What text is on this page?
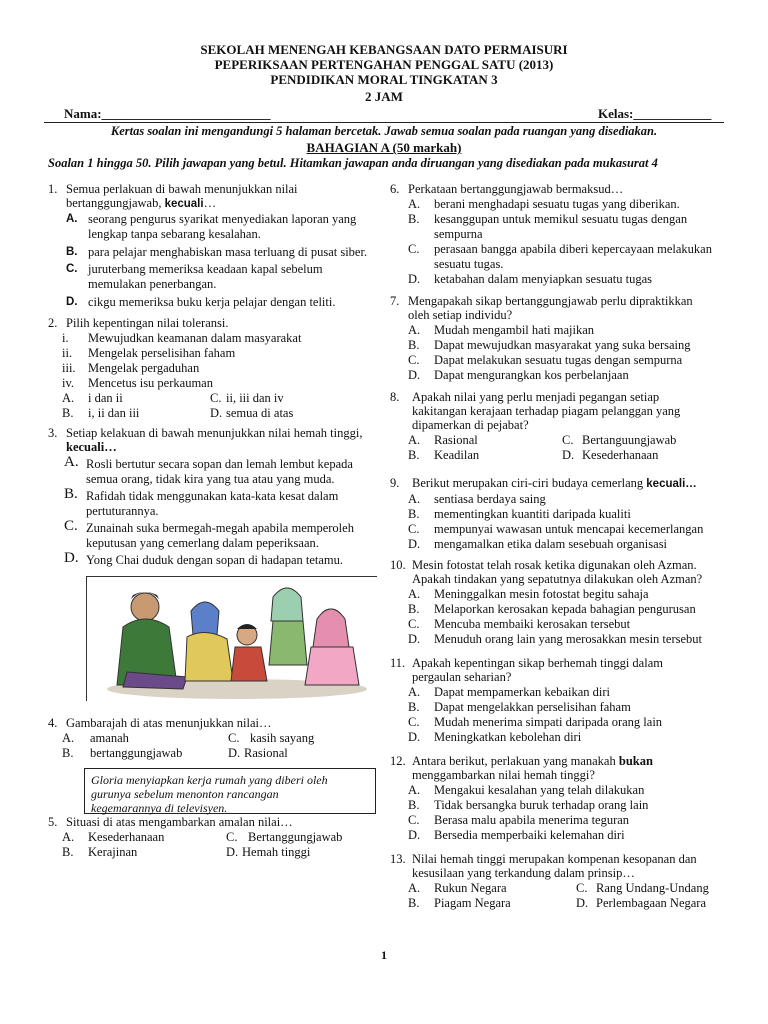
SEKOLAH MENENGAH KEBANGSAAN DATO PERMAISURI
PEPERIKSAAN PERTENGAHAN PENGGAL SATU (2013)
PENDIDIKAN MORAL TINGKATAN 3
2 JAM
Nama:__________________________	Kelas:____________
Kertas soalan ini mengandungi 5 halaman bercetak. Jawab semua soalan pada ruangan yang disediakan.
BAHAGIAN A (50 markah)
Soalan 1 hingga 50. Pilih jawapan yang betul. Hitamkan jawapan anda diruangan yang disediakan pada mukasurat 4
1. Semua perlakuan di bawah menunjukkan nilai
bertanggungjawab, kecuali…
A. seorang pengurus syarikat menyediakan laporan yang
lengkap tanpa sebarang kesalahan.
B. para pelajar menghabiskan masa terluang di pusat siber.
C. juruterbang memeriksa keadaan kapal sebelum
memulakan penerbangan.
D. cikgu memeriksa buku kerja pelajar dengan teliti.
2. Pilih kepentingan nilai toleransi.
i. Mewujudkan keamanan dalam masyarakat
ii. Mengelak perselisihan faham
iii. Mengelak pergaduhan
iv. Mencetus isu perkauman
A. i dan ii	C. ii, iii dan iv
B. i, ii dan iii	D. semua di atas
3. Setiap kelakuan di bawah menunjukkan nilai hemah tinggi,
kecuali…
A. Rosli bertutur secara sopan dan lemah lembut kepada
semua orang, tidak kira yang tua atau yang muda.
B. Rafidah tidak menggunakan kata-kata kesat dalam
pertuturannya.
C. Zunainah suka bermegah-megah apabila memperoleh
keputusan yang cemerlang dalam peperiksaan.
D. Yong Chai duduk dengan sopan di hadapan tetamu.
4. Gambarajah di atas menunjukkan nilai…
A. amanah	C. kasih sayang
B. bertanggungjawab	D. Rasional
Gloria menyiapkan kerja rumah yang diberi oleh
gurunya sebelum menonton rancangan
kegemarannya di televisyen.
5. Situasi di atas mengambarkan amalan nilai…
A. Kesederhanaan	C. Bertanggungjawab
B. Kerajinan	D. Hemah tinggi
6. Perkataan bertanggungjawab bermaksud…
A. berani menghadapi sesuatu tugas yang diberikan.
B. kesanggupan untuk memikul sesuatu tugas dengan
sempurna
C. perasaan bangga apabila diberi kepercayaan melakukan
sesuatu tugas.
D. ketabahan dalam menyiapkan sesuatu tugas
7. Mengapakah sikap bertanggungjawab perlu dipraktikkan
oleh setiap individu?
A. Mudah mengambil hati majikan
B. Dapat mewujudkan masyarakat yang suka bersaing
C. Dapat melakukan sesuatu tugas dengan sempurna
D. Dapat mengurangkan kos perbelanjaan
8. Apakah nilai yang perlu menjadi pegangan setiap
kakitangan kerajaan terhadap piagam pelanggan yang
dipamerkan di pejabat?
A. Rasional	C. Bertanguungjawab
B. Keadilan	D. Kesederhanaan
9. Berikut merupakan ciri-ciri budaya cemerlang kecuali…
A. sentiasa berdaya saing
B. mementingkan kuantiti daripada kualiti
C. mempunyai wawasan untuk mencapai kecemerlangan
D. mengamalkan etika dalam sesebuah organisasi
10. Mesin fotostat telah rosak ketika digunakan oleh Azman.
Apakah tindakan yang sepatutnya dilakukan oleh Azman?
A. Meninggalkan mesin fotostat begitu sahaja
B. Melaporkan kerosakan kepada bahagian pengurusan
C. Mencuba membaiki kerosakan tersebut
D. Menuduh orang lain yang merosakkan mesin tersebut
11. Apakah kepentingan sikap berhemah tinggi dalam
pergaulan seharian?
A. Dapat mempamerkan kebaikan diri
B. Dapat mengelakkan perselisihan faham
C. Mudah menerima simpati daripada orang lain
D. Meningkatkan kebolehan diri
12. Antara berikut, perlakuan yang manakah bukan
menggambarkan nilai hemah tinggi?
A. Mengakui kesalahan yang telah dilakukan
B. Tidak bersangka buruk terhadap orang lain
C. Berasa malu apabila menerima teguran
D. Bersedia memperbaiki kelemahan diri
13. Nilai hemah tinggi merupakan kompenan kesopanan dan
kesusilaan yang terkandung dalam prinsip…
A. Rukun Negara	C. Rang Undang-Undang
B. Piagam Negara	D. Perlembagaan Negara
1
